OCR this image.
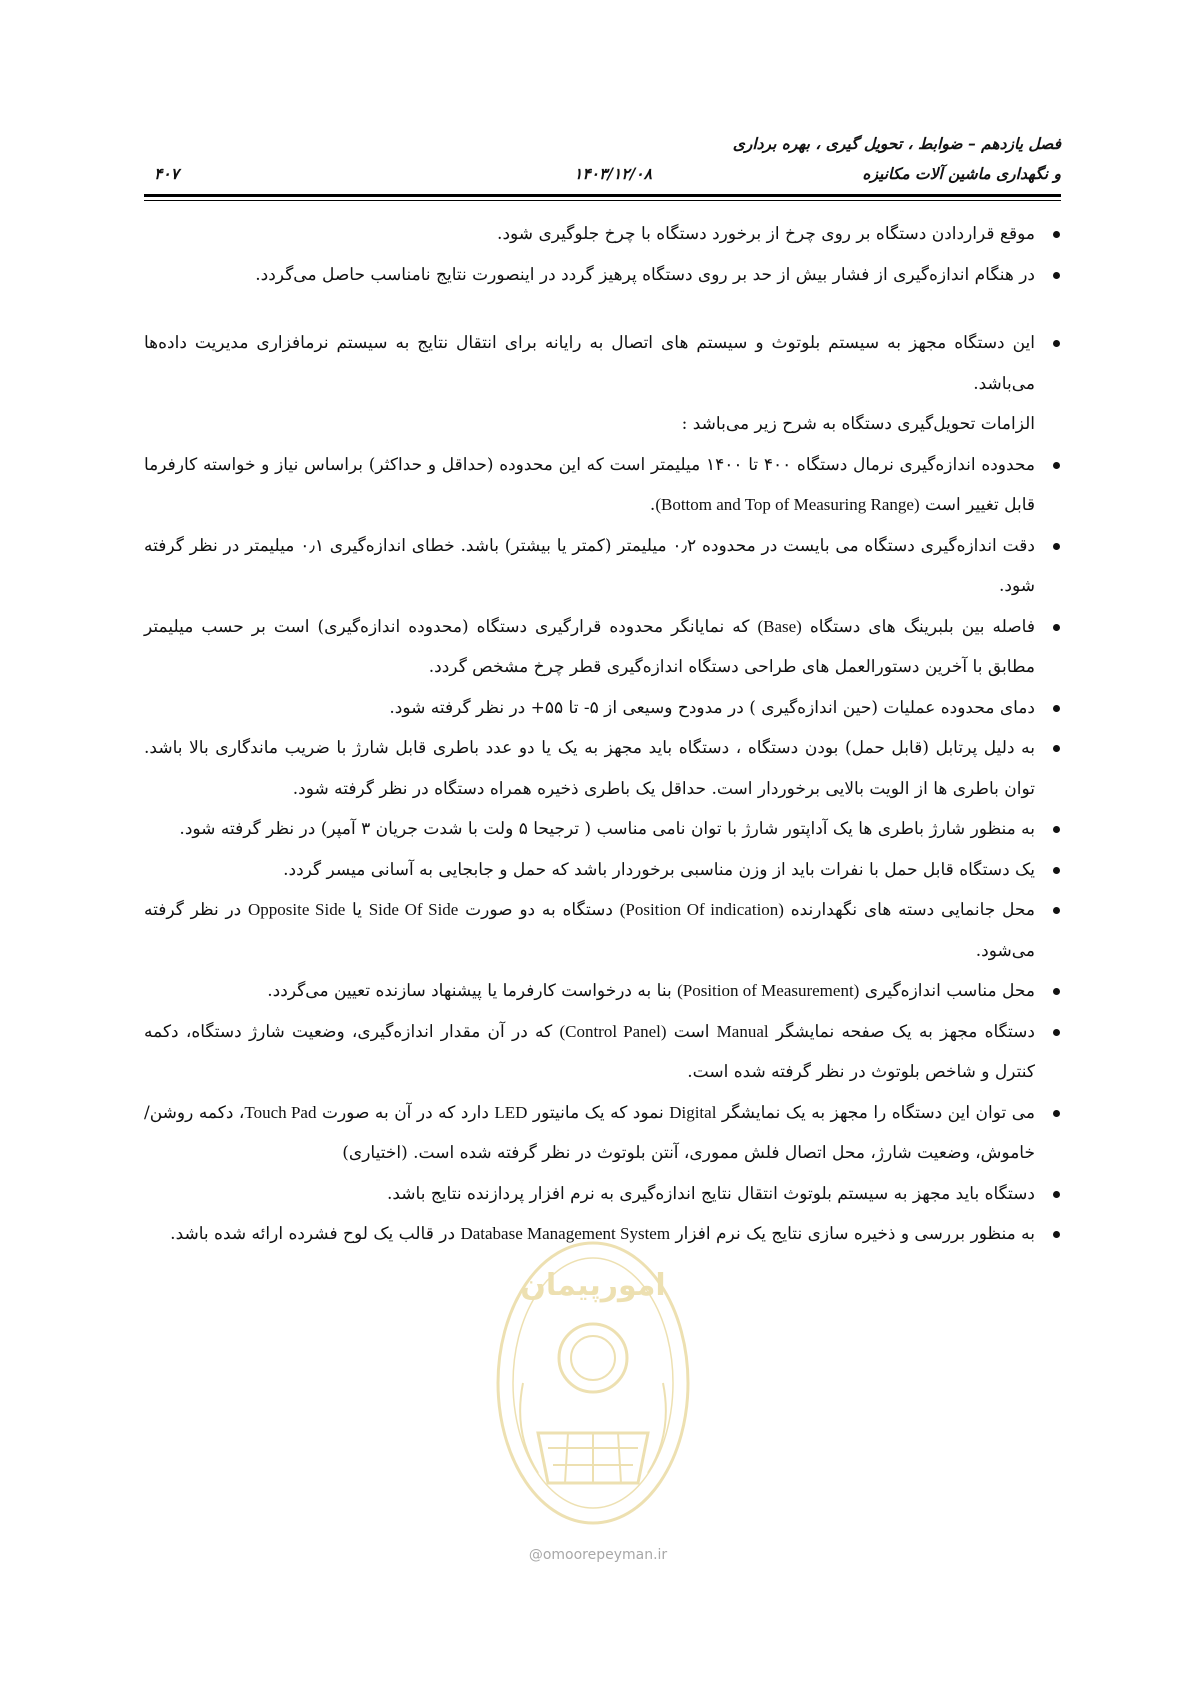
فصل یازدهم – ضوابط ، تحویل گیری ، بهره برداری
و نگهداری ماشین آلات مکانیزه
۱۴۰۳/۱۲/۰۸
۴۰۷
موقع قراردادن دستگاه بر روی چرخ از برخورد دستگاه با چرخ جلوگیری شود.
در هنگام اندازه‌گیری از فشار بیش از حد بر روی دستگاه پرهیز گردد در اینصورت نتایج نامناسب حاصل می‌گردد.
این دستگاه مجهز به سیستم بلوتوث و سیستم های اتصال به رایانه برای انتقال نتایج به سیستم نرمافزاری مدیریت داده‌ها می‌باشد.
الزامات تحویل‌گیری دستگاه به شرح زیر می‌باشد :
محدوده اندازه‌گیری نرمال دستگاه ۴۰۰ تا ۱۴۰۰ میلیمتر است که این محدوده (حداقل و حداکثر) براساس نیاز و خواسته کارفرما قابل تغییر است (Bottom and Top of Measuring Range).
دقت اندازه‌گیری دستگاه می بایست در محدوده ۰٫۲ میلیمتر (کمتر یا بیشتر) باشد. خطای اندازه‌گیری ۰٫۱ میلیمتر در نظر گرفته شود.
فاصله بین بلبرینگ های دستگاه (Base) که نمایانگر محدوده قرارگیری دستگاه (محدوده اندازه‌گیری) است بر حسب میلیمتر مطابق با آخرین دستورالعمل های طراحی دستگاه اندازه‌گیری قطر چرخ مشخص گردد.
دمای محدوده عملیات (حین اندازه‌گیری ) در مدودح وسیعی از ۵- تا ۵۵+ در نظر گرفته شود.
به دلیل پرتابل (قابل حمل) بودن دستگاه ، دستگاه باید مجهز به یک یا دو عدد باطری قابل شارژ با ضریب ماندگاری بالا باشد. توان باطری ها از الویت بالایی برخوردار است. حداقل یک باطری ذخیره همراه دستگاه در نظر گرفته شود.
به منظور شارژ باطری ها یک آداپتور شارژ با توان نامی مناسب ( ترجیحا ۵ ولت با شدت جریان ۳ آمپر) در نظر گرفته شود.
یک دستگاه قابل حمل با نفرات باید از وزن مناسبی برخوردار باشد که حمل و جابجایی به آسانی میسر گردد.
محل جانمایی دسته های نگهدارنده (Position Of indication) دستگاه به دو صورت Side Of Side یا Opposite Side در نظر گرفته می‌شود.
محل مناسب اندازه‌گیری (Position of Measurement) بنا به درخواست کارفرما یا پیشنهاد سازنده تعیین می‌گردد.
دستگاه مجهز به یک صفحه نمایشگر Manual است (Control Panel) که در آن مقدار اندازه‌گیری، وضعیت شارژ دستگاه، دکمه کنترل و شاخص بلوتوث در نظر گرفته شده است.
می توان این دستگاه را مجهز به یک نمایشگر Digital نمود که یک مانیتور LED دارد که در آن به صورت Touch Pad، دکمه روشن/خاموش، وضعیت شارژ، محل اتصال فلش مموری، آنتن بلوتوث در نظر گرفته شده است. (اختیاری)
دستگاه باید مجهز به سیستم بلوتوث انتقال نتایج اندازه‌گیری به نرم افزار پردازنده نتایج باشد.
به منظور بررسی و ذخیره سازی نتایج یک نرم افزار Database Management System در قالب یک لوح فشرده ارائه شده باشد.
امورپیمان
@omoorepeyman.ir
